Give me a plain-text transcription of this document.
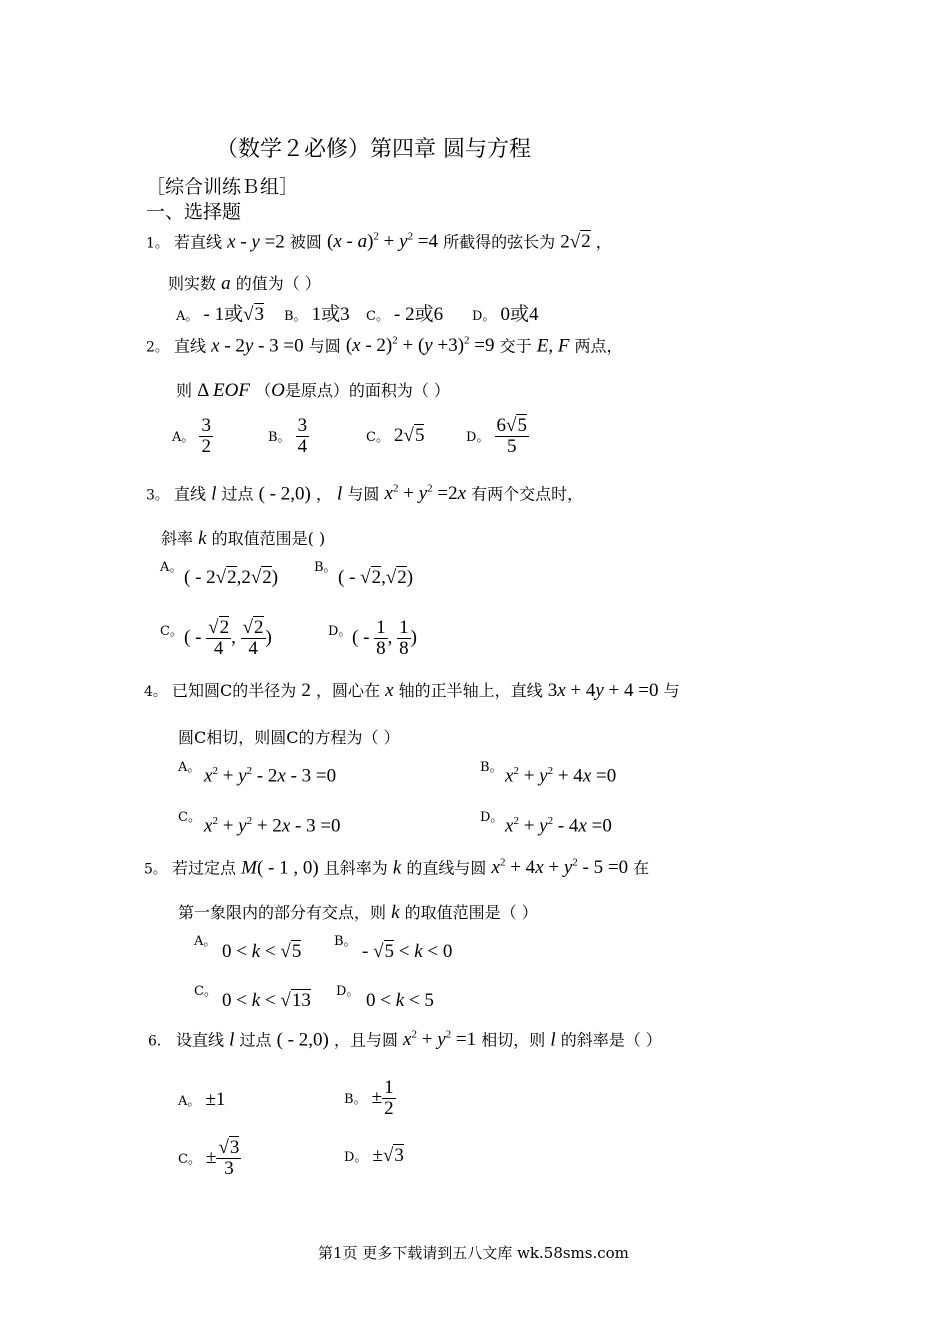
（数学２必修）第四章 圆与方程
［综合训练Ｂ组］
一、选择题
1。 若直线 x - y =2 被圆 $(x - a)^2 + y^2 =4$ 所截得的弦长为 2√2 ，
则实数 a 的值为（ ）
A。 - 1或√3 B。 1或3 C。 - 2或6 D。 0或4
2。 直线 x - 2y - 3 =0 与圆 $(x - 2)^2 + (y +3)^2 =9$ 交于 E, F 两点，
则 Δ EOF （O是原点）的面积为（ ）
A。 $\frac{3}{2}$	B。 $\frac{3}{4}$	C。 2√5	D。 $\frac{6√5}{5}$
3。 直线 l 过点 ( - 2,0) ， l 与圆 $x^2 + y^2 =2x$ 有两个交点时，
斜率 k 的取值范围是( )
A。 ( - 2√2,2√2)	B。 ( - √2,√2)
C。 ( - $\frac{√2}{4}$ , $\frac{√2}{4}$ )	D。 ( - $\frac{1}{8}$ , $\frac{1}{8}$ )
4。 已知圆C的半径为 2 ，圆心在 x 轴的正半轴上，直线 3x + 4y + 4 =0 与
圆C相切，则圆C的方程为（ ）
A。 $x^2 + y^2 - 2x - 3 =0$	B。 $x^2 + y^2 + 4x =0$
C。 $x^2 + y^2 + 2x - 3 =0$	D。 $x^2 + y^2 - 4x =0$
5。 若过定点 M( - 1 , 0) 且斜率为 k 的直线与圆 $x^2 + 4x + y^2 - 5 =0$ 在
第一象限内的部分有交点，则 k 的取值范围是（ ）
A。 0 < k < √5	B。 - √5 < k < 0
C。 0 < k < √13 D。 0 < k < 5
6． 设直线 l 过点 ( - 2,0) ，且与圆 $x^2 + y^2 =1$ 相切，则 l 的斜率是（ ）
A。 ±1	B。 ± $\frac{1}{2}$
C。 ± $\frac{√3}{3}$	D。 ±√3
第1页 更多下载请到五八文库 wk.58sms.com
